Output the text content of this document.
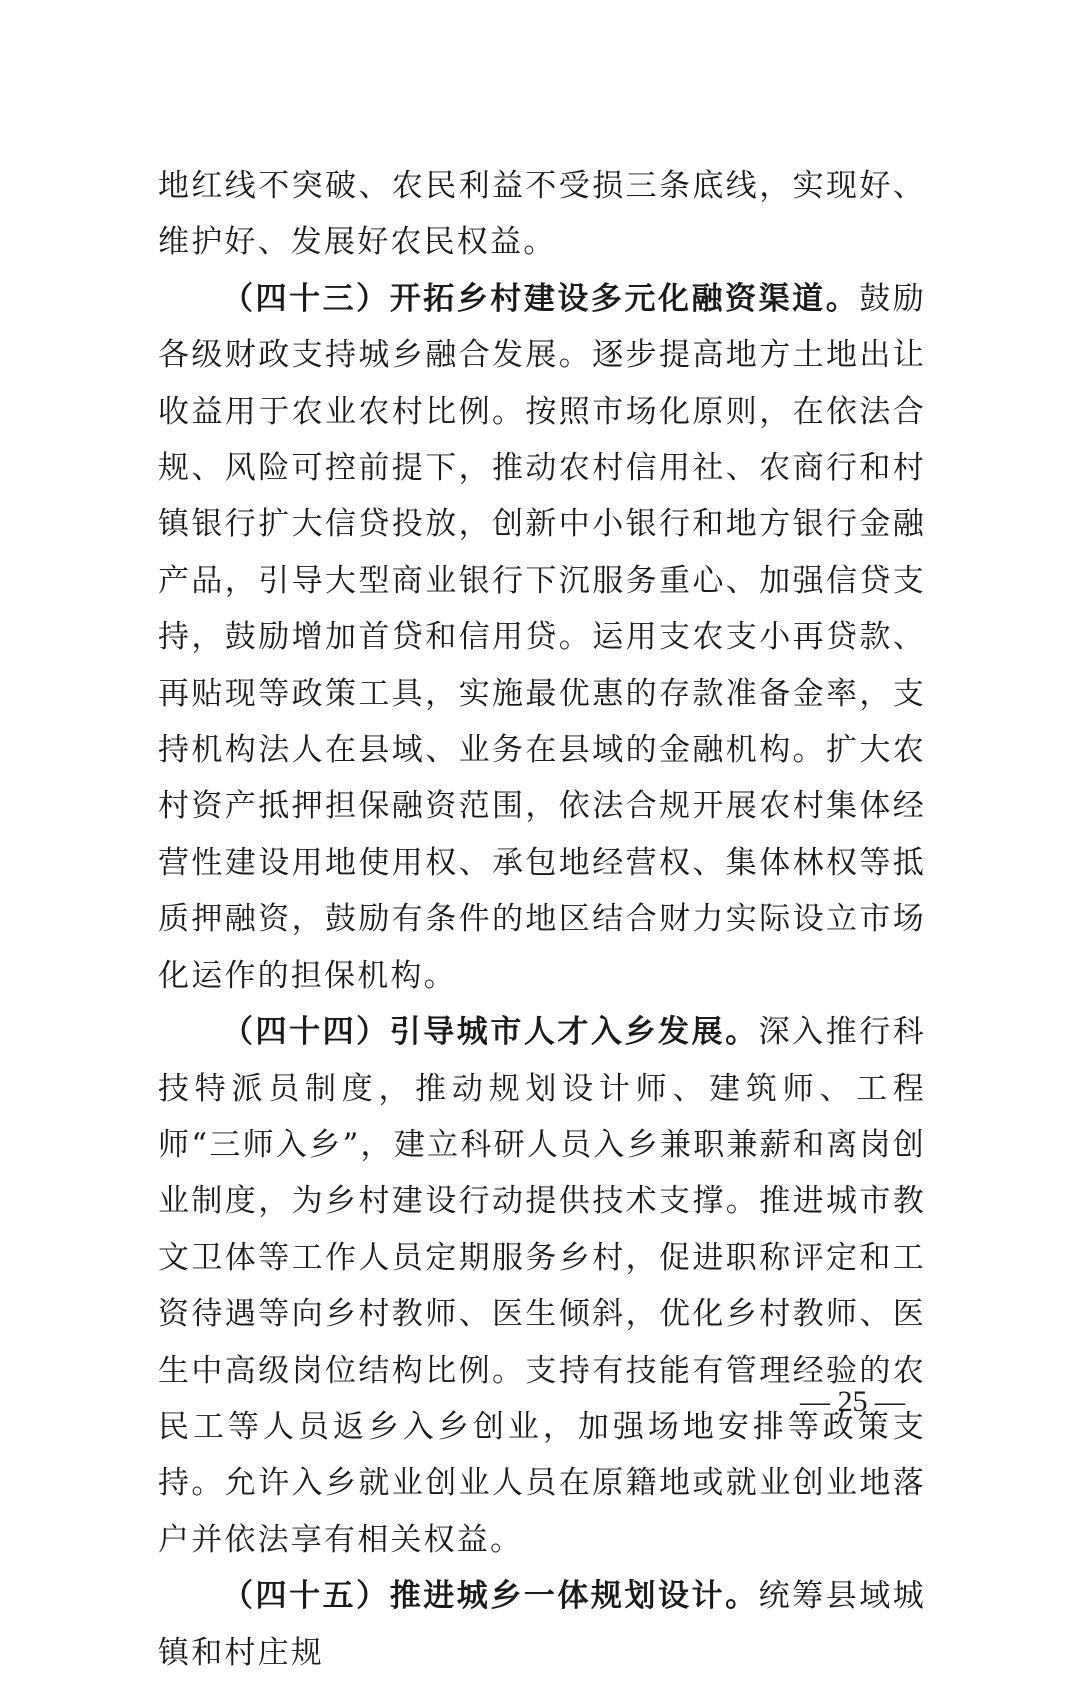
地红线不突破、农民利益不受损三条底线，实现好、维护好、发展好农民权益。

（四十三）开拓乡村建设多元化融资渠道。鼓励各级财政支持城乡融合发展。逐步提高地方土地出让收益用于农业农村比例。按照市场化原则，在依法合规、风险可控前提下，推动农村信用社、农商行和村镇银行扩大信贷投放，创新中小银行和地方银行金融产品，引导大型商业银行下沉服务重心、加强信贷支持，鼓励增加首贷和信用贷。运用支农支小再贷款、再贴现等政策工具，实施最优惠的存款准备金率，支持机构法人在县域、业务在县域的金融机构。扩大农村资产抵押担保融资范围，依法合规开展农村集体经营性建设用地使用权、承包地经营权、集体林权等抵质押融资，鼓励有条件的地区结合财力实际设立市场化运作的担保机构。

（四十四）引导城市人才入乡发展。深入推行科技特派员制度，推动规划设计师、建筑师、工程师“三师入乡”，建立科研人员入乡兼职兼薪和离岗创业制度，为乡村建设行动提供技术支撑。推进城市教文卫体等工作人员定期服务乡村，促进职称评定和工资待遇等向乡村教师、医生倾斜，优化乡村教师、医生中高级岗位结构比例。支持有技能有管理经验的农民工等人员返乡入乡创业，加强场地安排等政策支持。允许入乡就业创业人员在原籍地或就业创业地落户并依法享有相关权益。

（四十五）推进城乡一体规划设计。统筹县域城镇和村庄规

— 25 —
